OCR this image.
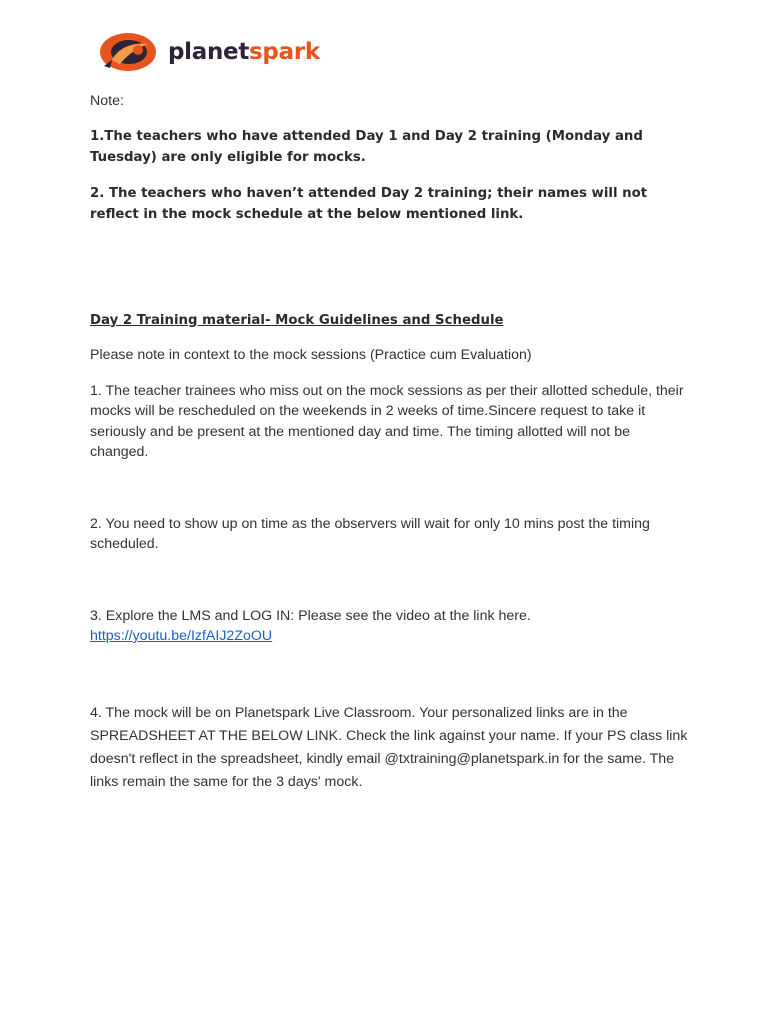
planetspark

Note:

1.The teachers who have attended Day 1 and Day 2 training (Monday and Tuesday) are only eligible for mocks.

2. The teachers who haven’t attended Day 2 training; their names will not reflect in the mock schedule at the below mentioned link.

Day 2 Training material- Mock Guidelines and Schedule

Please note in context to the mock sessions (Practice cum Evaluation)

1. The teacher trainees who miss out on the mock sessions as per their allotted schedule, their mocks will be rescheduled on the weekends in 2 weeks of time.Sincere request to take it seriously and be present at the mentioned day and time. The timing allotted will not be changed.

2. You need to show up on time as the observers will wait for only 10 mins post the timing scheduled.

3. Explore the LMS and LOG IN: Please see the video at the link here.

https://youtu.be/IzfAIJ2ZoOU

4. The mock will be on Planetspark Live Classroom. Your personalized links are in the SPREADSHEET AT THE BELOW LINK. Check the link against your name. If your PS class link doesn't reflect in the spreadsheet, kindly email @txtraining@planetspark.in for the same. The links remain the same for the 3 days' mock.
